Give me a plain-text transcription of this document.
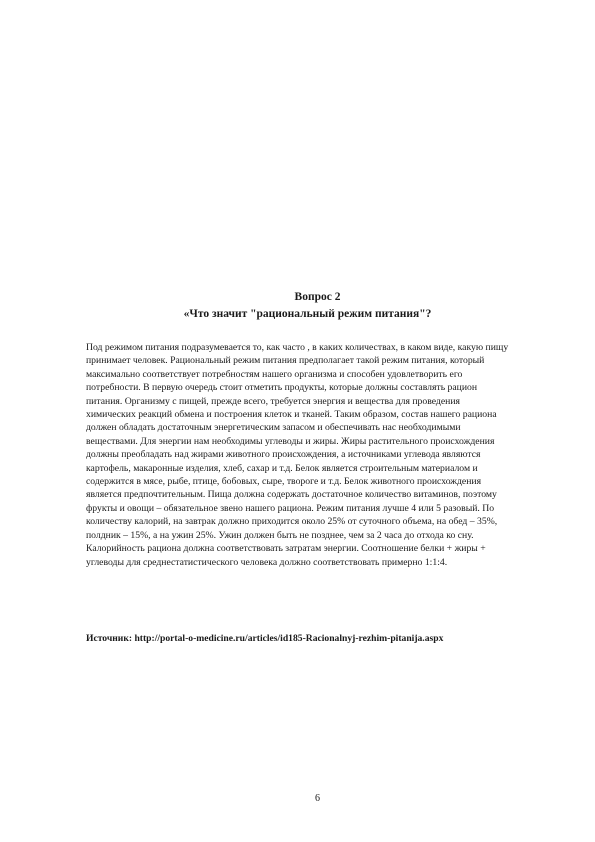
Вопрос 2

«Что значит "рациональный режим питания"?

Под режимом питания подразумевается то, как часто , в каких количествах, в каком виде, какую пищу принимает человек. Рациональный режим питания предполагает такой режим питания, который максимально соответствует потребностям нашего организма и способен удовлетворить его потребности. В первую очередь стоит отметить продукты, которые должны составлять рацион питания. Организму с пищей, прежде всего, требуется энергия и вещества для проведения химических реакций обмена и построения клеток и тканей. Таким образом, состав нашего рациона должен обладать достаточным энергетическим запасом и обеспечивать нас необходимыми веществами. Для энергии нам необходимы углеводы и жиры. Жиры растительного происхождения должны преобладать над жирами животного происхождения, а источниками углевода являются картофель, макаронные изделия, хлеб, сахар и т.д. Белок является строительным материалом и содержится в мясе, рыбе, птице, бобовых, сыре, твороге и т.д. Белок животного происхождения является предпочтительным. Пища должна содержать достаточное количество витаминов, поэтому фрукты и овощи – обязательное звено нашего рациона. Режим питания лучше 4 или 5 разовый. По количеству калорий, на завтрак должно приходится около 25% от суточного объема, на обед – 35%, полдник – 15%, а на ужин 25%. Ужин должен быть не позднее, чем за 2 часа до отхода ко сну. Калорийность рациона должна соответствовать затратам энергии. Соотношение белки + жиры + углеводы для среднестатистического человека должно соответствовать примерно 1:1:4.

Источник: http://portal-o-medicine.ru/articles/id185-Racionalnyj-rezhim-pitanija.aspx

6
